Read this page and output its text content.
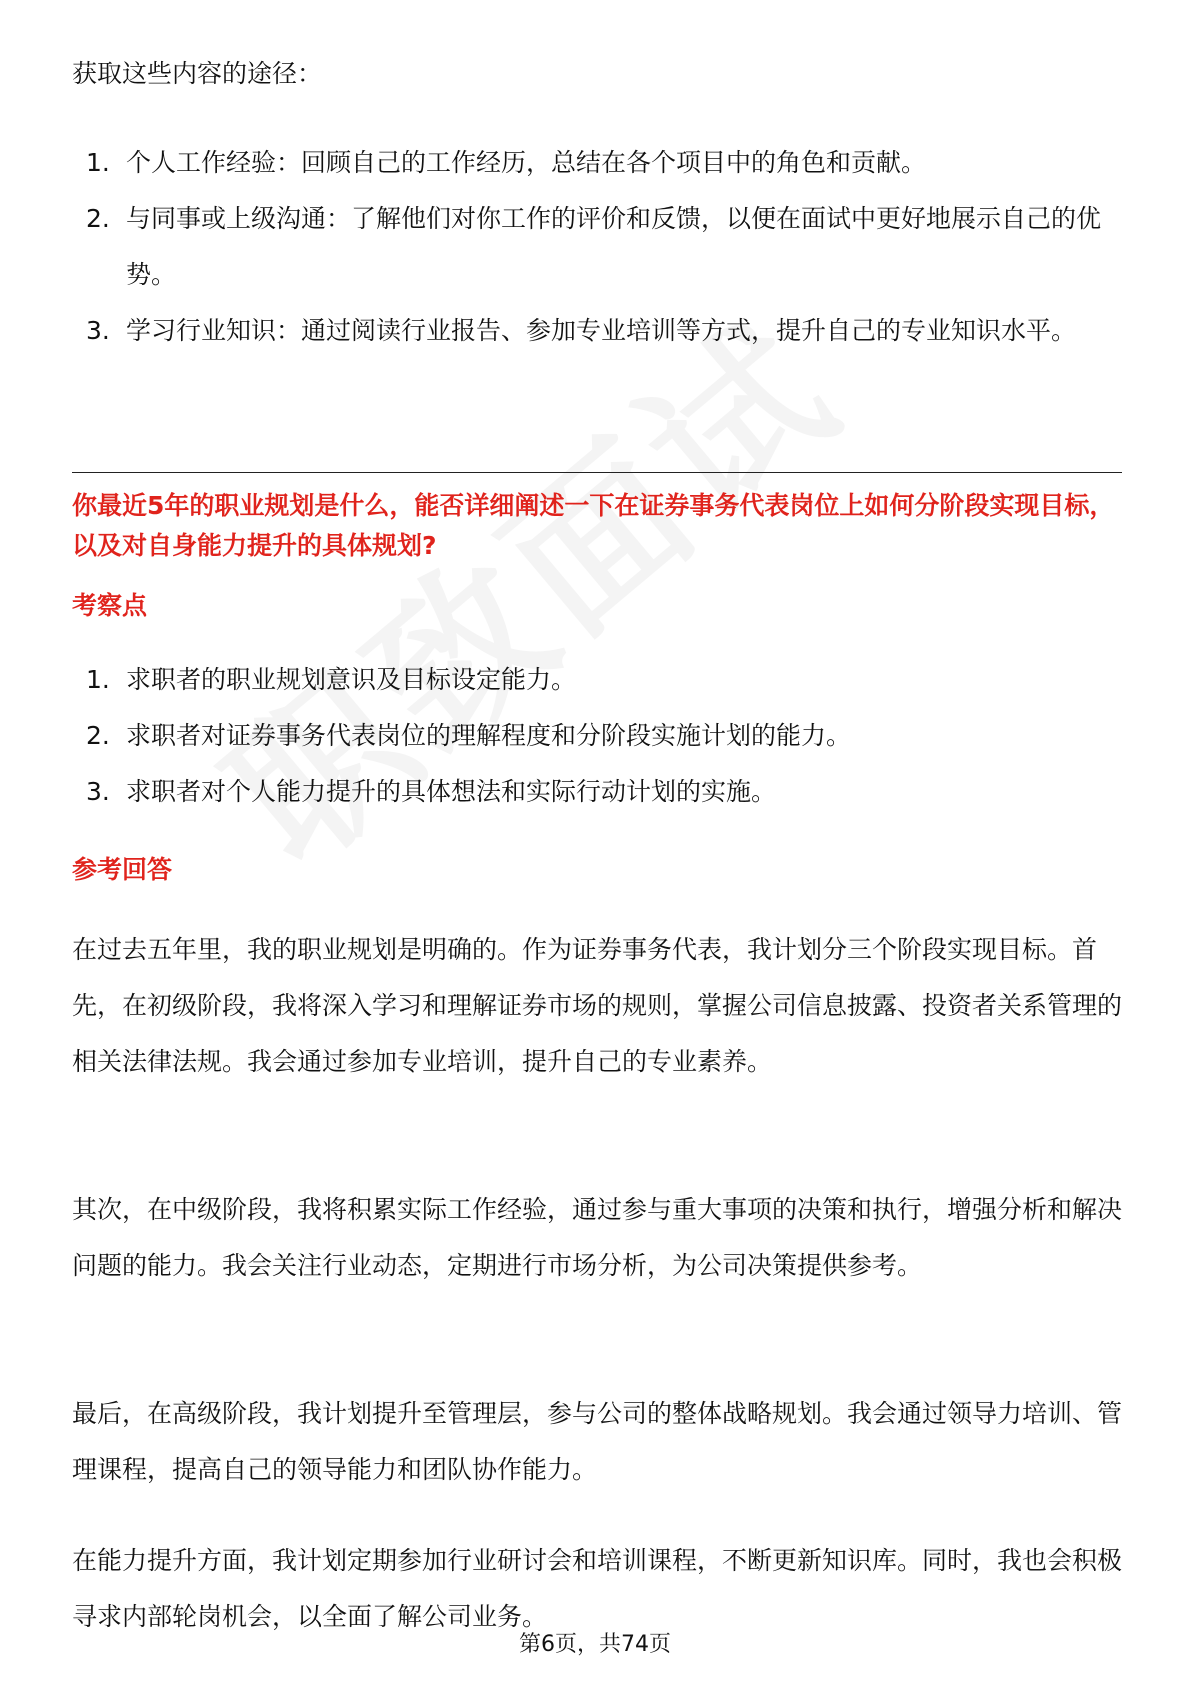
获取这些内容的途径：
1. 个人工作经验：回顾自己的工作经历，总结在各个项目中的角色和贡献。
2. 与同事或上级沟通：了解他们对你工作的评价和反馈，以便在面试中更好地展示自己的优势。
3. 学习行业知识：通过阅读行业报告、参加专业培训等方式，提升自己的专业知识水平。
你最近5年的职业规划是什么，能否详细阐述一下在证券事务代表岗位上如何分阶段实现目标，以及对自身能力提升的具体规划?
考察点
1. 求职者的职业规划意识及目标设定能力。
2. 求职者对证券事务代表岗位的理解程度和分阶段实施计划的能力。
3. 求职者对个人能力提升的具体想法和实际行动计划的实施。
参考回答

在过去五年里，我的职业规划是明确的。作为证券事务代表，我计划分三个阶段实现目标。首先，在初级阶段，我将深入学习和理解证券市场的规则，掌握公司信息披露、投资者关系管理的相关法律法规。我会通过参加专业培训，提升自己的专业素养。

其次，在中级阶段，我将积累实际工作经验，通过参与重大事项的决策和执行，增强分析和解决问题的能力。我会关注行业动态，定期进行市场分析，为公司决策提供参考。

最后，在高级阶段，我计划提升至管理层，参与公司的整体战略规划。我会通过领导力培训、管理课程，提高自己的领导能力和团队协作能力。

在能力提升方面，我计划定期参加行业研讨会和培训课程，不断更新知识库。同时，我也会积极寻求内部轮岗机会，以全面了解公司业务。

第6页，共74页
